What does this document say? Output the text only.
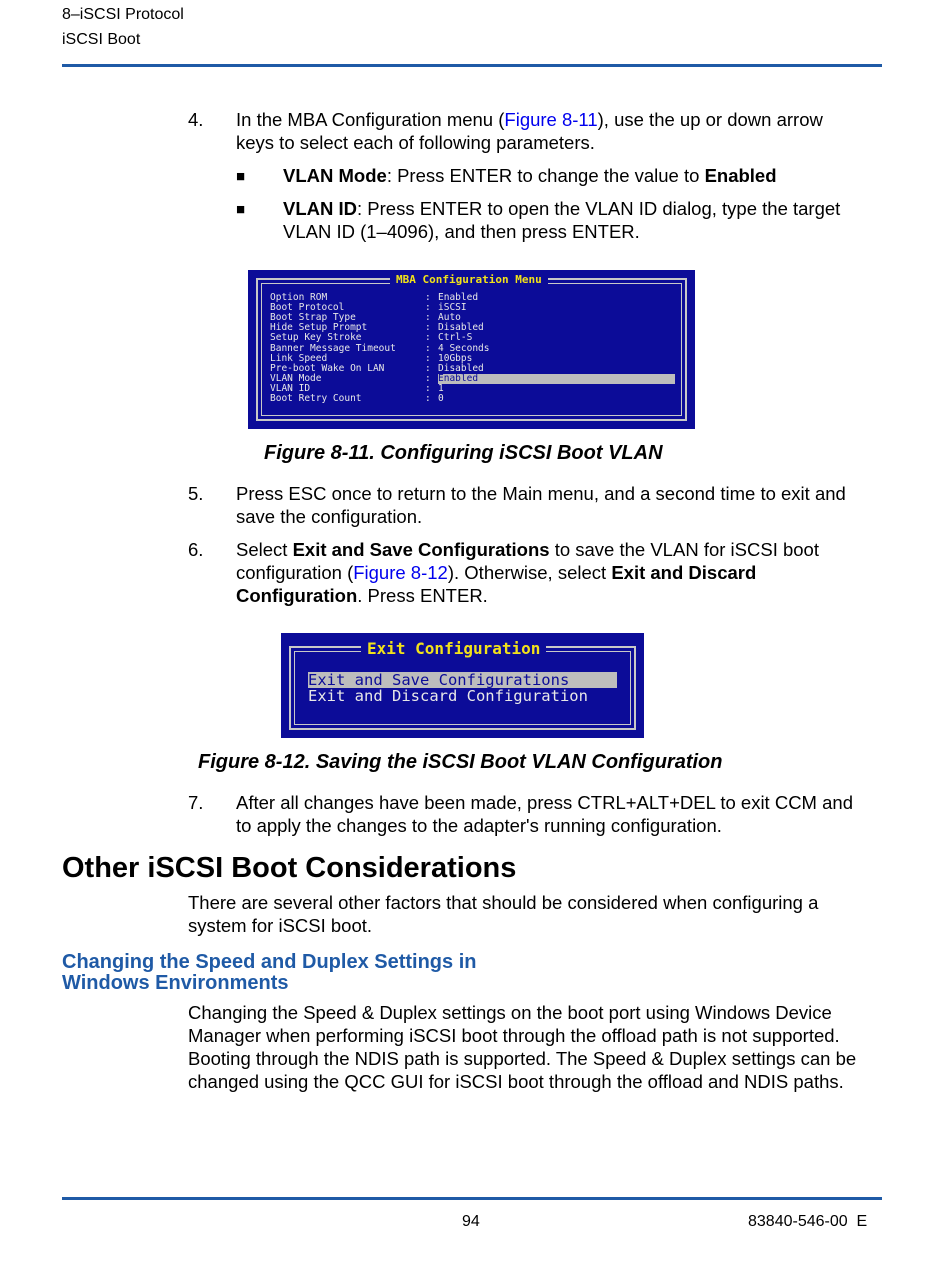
8–iSCSI Protocol
iSCSI Boot
4. In the MBA Configuration menu (Figure 8-11), use the up or down arrow
keys to select each of following parameters.
■ VLAN Mode: Press ENTER to change the value to Enabled
■ VLAN ID: Press ENTER to open the VLAN ID dialog, type the target
VLAN ID (1–4096), and then press ENTER.
MBA Configuration Menu
Option ROM	: Enabled
Boot Protocol	: iSCSI
Boot Strap Type	: Auto
Hide Setup Prompt	: Disabled
Setup Key Stroke	: Ctrl-S
Banner Message Timeout	: 4 Seconds
Link Speed	: 10Gbps
Pre-boot Wake On LAN	: Disabled
VLAN Mode	: Enabled
VLAN ID	: 1
Boot Retry Count	: 0
Figure 8-11. Configuring iSCSI Boot VLAN
5. Press ESC once to return to the Main menu, and a second time to exit and
save the configuration.
6. Select Exit and Save Configurations to save the VLAN for iSCSI boot
configuration (Figure 8-12). Otherwise, select Exit and Discard
Configuration. Press ENTER.
Exit Configuration
Exit and Save Configurations
Exit and Discard Configuration
Figure 8-12. Saving the iSCSI Boot VLAN Configuration
7. After all changes have been made, press CTRL+ALT+DEL to exit CCM and
to apply the changes to the adapter's running configuration.
Other iSCSI Boot Considerations
There are several other factors that should be considered when configuring a
system for iSCSI boot.
Changing the Speed and Duplex Settings in
Windows Environments
Changing the Speed & Duplex settings on the boot port using Windows Device
Manager when performing iSCSI boot through the offload path is not supported.
Booting through the NDIS path is supported. The Speed & Duplex settings can be
changed using the QCC GUI for iSCSI boot through the offload and NDIS paths.
94	83840-546-00  E
